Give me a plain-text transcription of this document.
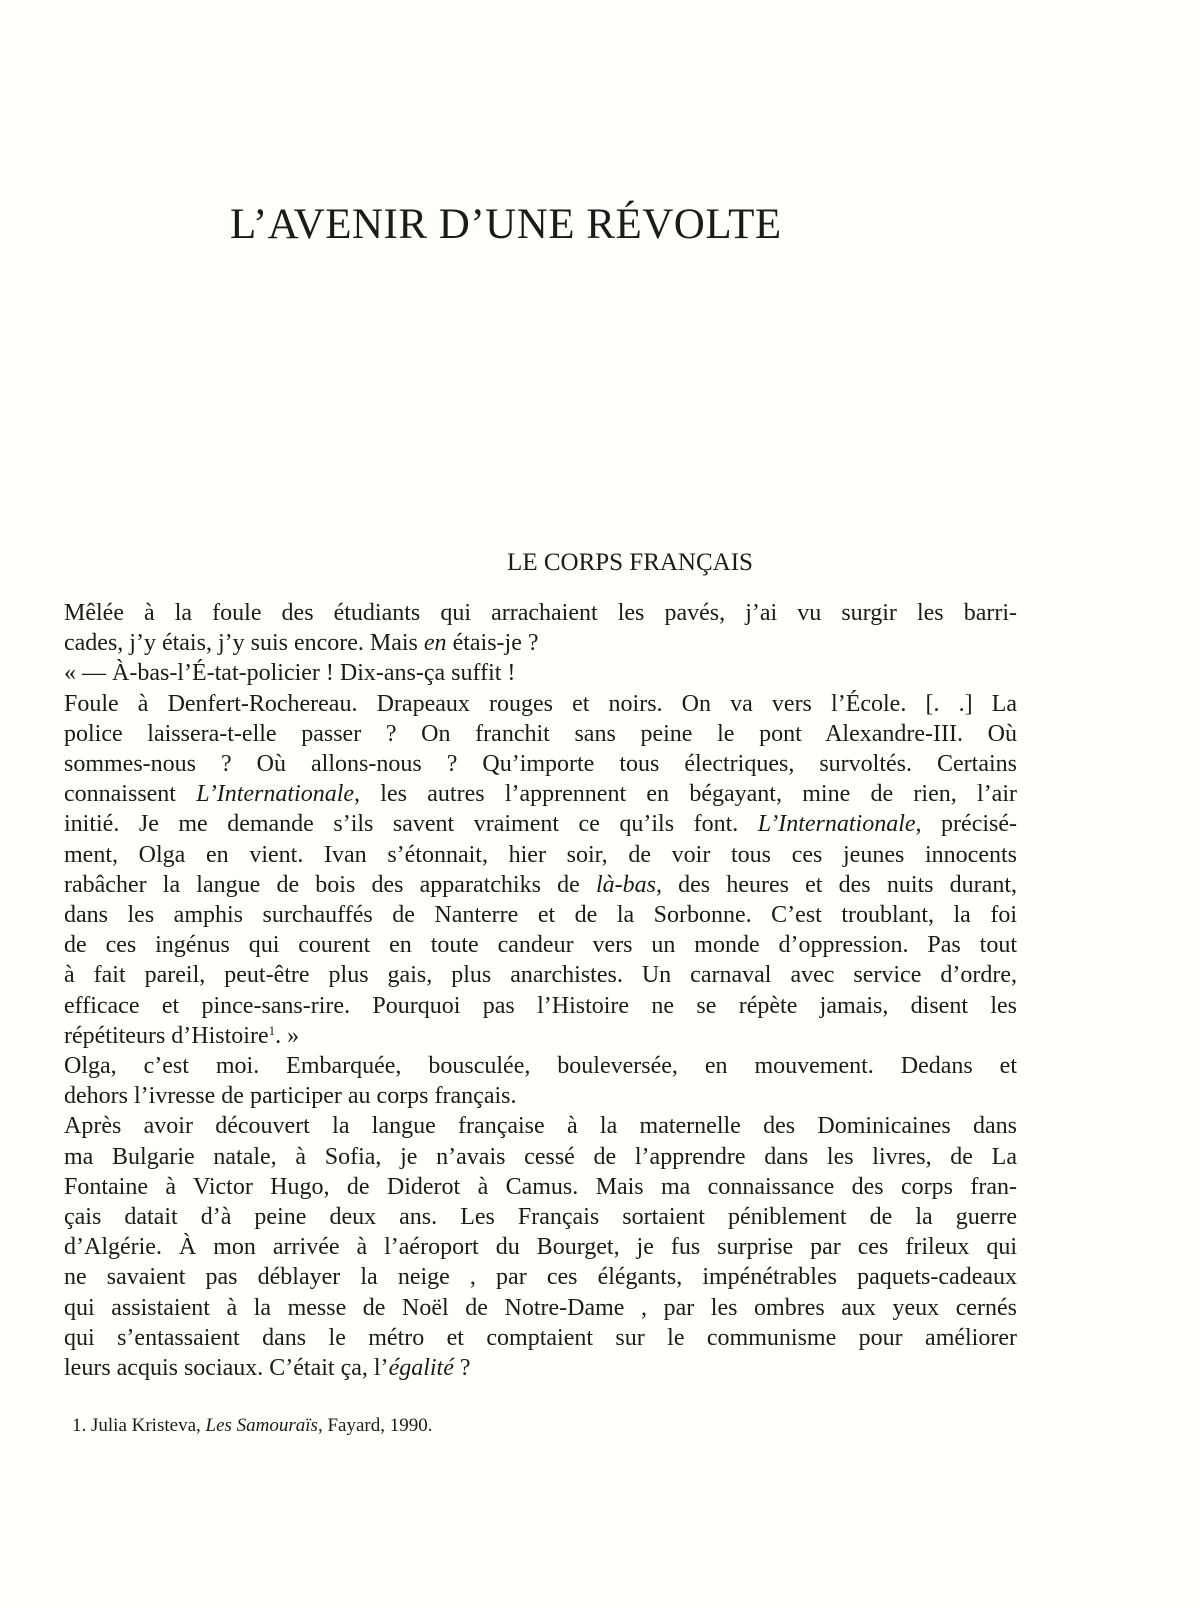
L’AVENIR D’UNE RÉVOLTE
LE CORPS FRANÇAIS

Mêlée à la foule des étudiants qui arrachaient les pavés, j’ai vu surgir les barri-
cades, j’y étais, j’y suis encore. Mais en étais-je ?

« — À-bas-l’É-tat-policier ! Dix-ans-ça suffit !

Foule à Denfert-Rochereau. Drapeaux rouges et noirs. On va vers l’École. [. .] La
police laissera-t-elle passer ? On franchit sans peine le pont Alexandre-III. Où
sommes-nous ? Où allons-nous ? Qu’importe tous électriques, survoltés. Certains
connaissent L’Internationale, les autres l’apprennent en bégayant, mine de rien, l’air
initié. Je me demande s’ils savent vraiment ce qu’ils font. L’Internationale, précisé-
ment, Olga en vient. Ivan s’étonnait, hier soir, de voir tous ces jeunes innocents
rabâcher la langue de bois des apparatchiks de là-bas, des heures et des nuits durant,
dans les amphis surchauffés de Nanterre et de la Sorbonne. C’est troublant, la foi
de ces ingénus qui courent en toute candeur vers un monde d’oppression. Pas tout
à fait pareil, peut-être plus gais, plus anarchistes. Un carnaval avec service d’ordre,
efficace et pince-sans-rire. Pourquoi pas l’Histoire ne se répète jamais, disent les
répétiteurs d’Histoire$^1$. »

Olga, c’est moi. Embarquée, bousculée, bouleversée, en mouvement. Dedans et
dehors l’ivresse de participer au corps français.

Après avoir découvert la langue française à la maternelle des Dominicaines dans
ma Bulgarie natale, à Sofia, je n’avais cessé de l’apprendre dans les livres, de La
Fontaine à Victor Hugo, de Diderot à Camus. Mais ma connaissance des corps fran-
çais datait d’à peine deux ans. Les Français sortaient péniblement de la guerre
d’Algérie. À mon arrivée à l’aéroport du Bourget, je fus surprise par ces frileux qui
ne savaient pas déblayer la neige , par ces élégants, impénétrables paquets-cadeaux
qui assistaient à la messe de Noël de Notre-Dame , par les ombres aux yeux cernés
qui s’entassaient dans le métro et comptaient sur le communisme pour améliorer
leurs acquis sociaux. C’était ça, l’égalité ?

1. Julia Kristeva, Les Samouraïs, Fayard, 1990.
